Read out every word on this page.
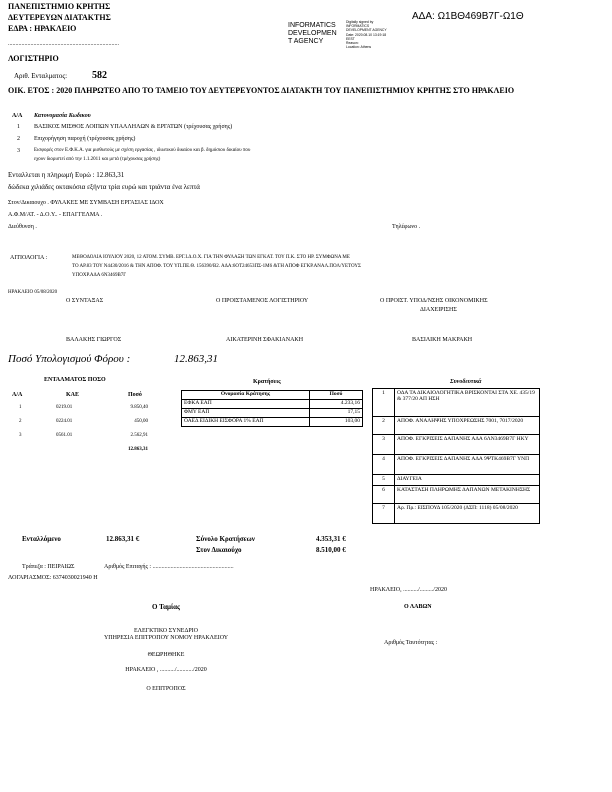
ΠΑΝΕΠΙΣΤΗΜΙΟ ΚΡΗΤΗΣ
ΔΕΥΤΕΡΕΥΩΝ ΔΙΑΤΑΚΤΗΣ
ΕΔΡΑ : ΗΡΑΚΛΕΙΟ
..........................................................................
ΛΟΓΙΣΤΗΡΙΟ
INFORMATICS
DEVELOPMEN
T AGENCY
Digitally signed by
INFORMATICS
DEVELOPMENT AGENCY
Date: 2020.08.10 13:19:18
EEST
Reason:
Location: Athens
ΑΔΑ: Ω1ΒΘ469Β7Γ-Ω1Θ
Αριθ. Ενταλματος: 582
ΟΙΚ. ΕΤΟΣ : 2020 ΠΛΗΡΩΤΕΟ ΑΠΟ ΤΟ ΤΑΜΕΙΟ ΤΟΥ ΔΕΥΤΕΡΕΥΟΝΤΟΣ ΔΙΑΤΑΚΤΗ ΤΟΥ ΠΑΝΕΠΙΣΤΗΜΙΟΥ ΚΡΗΤΗΣ ΣΤΟ ΗΡΑΚΛΕΙΟ
Α/Α Κατονομασία Κωδικου
1 ΒΑΣΙΚΟΣ ΜΙΣΘΟΣ ΛΟΙΠΩΝ ΥΠΑΛΛΗΛΩΝ & ΕΡΓΑΤΩΝ (τρέχουσας χρήσης)
2 Επιχορήγηση παροχή (τρέχουσας χρήσης)
3	Εισφορές στον Ε.Φ.Κ.Α. για μισθωτούς με σχέση εργασίας , ιδιωτικού δικαίου και β. δημόσιου δικαίου που
εχουν διοριστεί από την 1.1.2011 και μετά (τρέχουσας χρήσης)
Ενταλλεται η πληρωμή Ευρώ : 12.863,31
δώδεκα χιλιάδες οκτακόσια εξήντα τρία ευρώ και τριάντα ένα λεπτά
Στον/Δικαιουχο . ΦΥΛΑΚΕΣ ΜΕ ΣΥΜΒΑΣΗ ΕΡΓΑΣΙΑΣ ΙΔΟΧ
Α.Φ.Μ/ΑΤ. - Δ.Ο.Υ.. - ΕΠΑΓΓΕΛΜΑ .
Διεύθυνση .	Τηλέφωνο .
ΑΙΤΙΟΛΟΓΙΑ :	ΜΕΘΟΔΟΛΙΑ ΙΟΥΛΙΟΥ 2020, 12 ΑΤΟΜ. ΣΥΜΒ. ΕΡΓ.Ι.Δ.Ο.Χ. ΓΙΑ ΤΗΝ ΦΥΛΑΞΗ ΤΩΝ ΕΓΚΑΤ. ΤΟΥ Π.Κ. ΣΤΟ ΗΡ. ΣΥΜΦΩΝΑ ΜΕ
ΤΟ ΑΡ.83 ΤΟΥ Ν4430/2016 & ΤΗΝ ΑΠΟΦ. ΤΟΥ ΥΠ.ΠΕ.Θ. 156390/Β2. ΑΔΑ:6ΟΤ24653ΠΣ-1Μ6 &ΤΗ ΑΠΟΦ ΕΓΚΡ.ΑΝΑΛ.ΠΟΛ/ΥΕΤΟΥΣ
ΥΠΟΧΡ.ΑΔΑ 6Ν3469Β7Γ
ΗΡΑΚΛΕΙΟ 05/08/2020
Ο ΣΥΝΤΑΞΑΣ	Ο ΠΡΟΙΣΤΑΜΕΝΟΣ ΛΟΓΙΣΤΗΡΙΟΥ	Ο ΠΡΟΙΣΤ. ΥΠΟΔ/ΝΣΗΣ ΟΙΚΟΝΟΜΙΚΗΣ
ΔΙΑΧΕΙΡΙΣΗΣ
ΒΑΛΑΚΗΣ ΓΙΩΡΓΟΣ	ΑΙΚΑΤΕΡΙΝΗ ΣΦΑΚΙΑΝΑΚΗ	ΒΑΣΙΛΙΚΗ ΜΑΚΡΑΚΗ
Ποσό Υπολογισμού Φόρου :	12.863,31
ΕΝΤΑΛΜΑΤΟΣ ΠΟΣΟ
Α/Α	ΚΑΕ	Ποσό
1	0219.01	9.850,40
2	0224.01	450,00
3	0561.01	2.562,91
12.863,31
Κρατήσεις
Ονομασία Κράτησης	Ποσό
ΕΦΚΑ ΕΑΠ	4.233,16
ΦΜΥ ΕΑΠ	17,15
ΟΑΕΔ ΕΙΔΙΚΗ ΕΙΣΦΟΡΑ 1% ΕΑΠ	103,00
Συνοδευτικά
1	ΟΔΑ ΤΑ ΔΙΚΑΙΟΛΟΓΗΤΙΚΑ ΒΡΙΣΚΟΝΤΑΙ ΣΤΑ ΧΕ. 435/19 & 377/20 ΑΠ ΗΣΗ
2	ΑΠΟΦ. ΑΝΑΛΗΨΗΣ ΥΠΟΧΡΕΩΣΗΣ 7001, 7017/2020
3	ΑΠΟΦ. ΕΓΚΡΙΣΕΙΣ ΔΑΠΑΝΗΣ ΑΔΑ 6ΛΝ3469Β7Γ ΗΚΥ
4	ΑΠΟΦ. ΕΓΚΡΙΣΕΙΣ ΔΑΠΑΝΗΣ ΑΔΑ 9ΨΤΚ469Β7Γ ΥΝΠ
5	ΔΙΑΥΓΕΙΑ
6	ΚΑΤΑΣΤΑΣΗ ΠΛΗΡΩΜΗΣ ΔΑΠΑΝΩΝ ΜΕΤΑΚΙΝΗΣΗΣ
7	Αρ. Πρ.: ΕΙΣΠΟΥΔ 105/2020 (ΔΣΠ: 1118) 05/08/2020
Ενταλλόμενο	12.863,31 €	Σύνολο Κρατήσεων	4.353,31 €
Στον Δικαιούχο	8.510,00 €
Τράπεζα : ΠΕΙΡΑΙΩΣ	Αριθμός Επιταγής : ......................................................
ΛΟΓΑΡΙΑΣΜΟΣ: 6374030021940 Η
ΗΡΑΚΛΕΙΟ, ........../........./2020
Ο Ταμίας	Ο ΛΑΒΩΝ
Αριθμός Ταυτότητας :
ΕΛΕΓΚΤΙΚΟ ΣΥΝΕΔΡΙΟ
ΥΠΗΡΕΣΙΑ ΕΠΙΤΡΟΠΟΥ ΝΟΜΟΥ ΗΡΑΚΛΕΙΟΥ
ΘΕΩΡΗΘΗΚΕ
ΗΡΑΚΛΕΙΟ , ........../.........../2020
Ο ΕΠΙΤΡΟΠΟΣ
